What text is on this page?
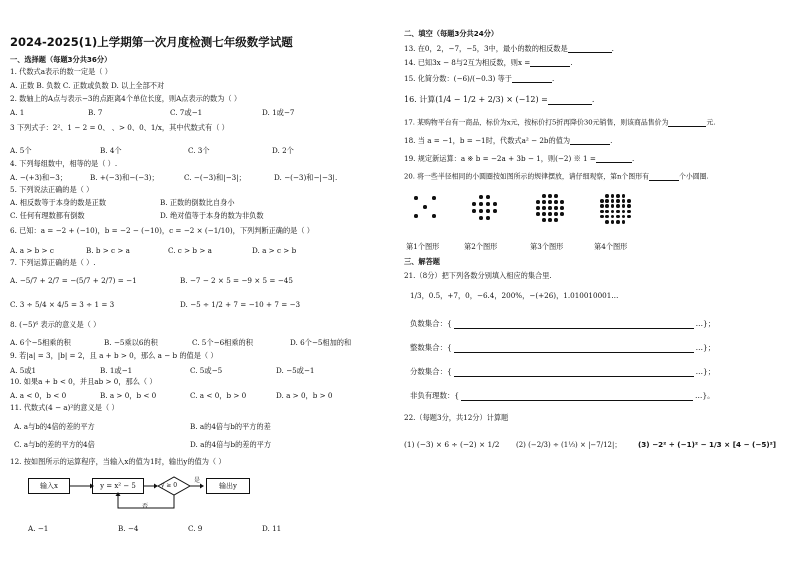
2024-2025(1)上学期第一次月度检测七年级数学试题
一、选择题（每题3分共36分）
1. 代数式a表示的数一定是（ ）
A. 正数 B. 负数 C. 正数或负数 D. 以上全部不对
2. 数轴上的A点与表示−3的点距离4个单位长度，则A点表示的数为（ ）
A. 1	B. 7	C. 7或−1	D. 1或−7
3 下列式子：2²、1 − 2 = 0、 、> 0、0、1/x，其中代数式有（ ）
A. 5个	B. 4个	C. 3个	D. 2个
4. 下列每组数中，相等的是（ ）.
A. −(+3)和−3；	B. +(−3)和−(−3)；	C. −(−3)和|−3|；	D. −(−3)和−|−3|.
5. 下列说法正确的是（ ）
A. 相反数等于本身的数是正数	B. 正数的倒数比自身小
C. 任何有理数都有倒数	D. 绝对值等于本身的数为非负数
6. 已知：a = −2 + (−10)，b = −2 − (−10)，c = −2 × (−1/10)，下列判断正确的是（ ）
A. a > b > c	B. b > c > a	C. c > b > a	D. a > c > b
7. 下列运算正确的是（ ）.
A. −5/7 + 2/7 = −(5/7 + 2/7) = −1	B. −7 − 2 × 5 = −9 × 5 = −45
C. 3 ÷ 5/4 × 4/5 = 3 ÷ 1 = 3	D. −5 ÷ 1/2 + 7 = −10 + 7 = −3
8. (−5)⁶ 表示的意义是（ ）
A. 6个−5相乘的积	B. −5乘以6的积	C. 5个−6相乘的积	D. 6个−5相加的和
9. 若|a| = 3，|b| = 2，且 a + b > 0，那么 a − b 的值是（ ）
A. 5或1	B. 1或−1	C. 5或−5	D. −5或−1
10. 如果a + b < 0，并且ab > 0，那么（ ）
A. a < 0，b < 0	B. a > 0，b < 0	C. a < 0，b > 0	D. a > 0，b > 0
11. 代数式(4 − a)²的意义是（ ）
A. a与b的4倍的差的平方	B. a的4倍与b的平方的差
C. a与b的差的平方的4倍	D. a的4倍与b的差的平方
12. 按如图所示的运算程序，当输入x的值为1时，输出y的值为（ ）
输入x	y = x² − 5	y ≥ 0
是
否
输出y
A. −1	B. −4	C. 9	D. 11
二、填空（每题3分共24分）
13. 在0，2，−7，−5，3中，最小的数的相反数是	.
14. 已知3x − 8与2互为相反数，则x =	.
15. 化简分数：(−6)/(−0.3) 等于	.
16. 计算(1/4 − 1/2 + 2/3) × (−12) =	.
17. 某购物平台有一商品，标价为x元，按标价打5折再降价30元销售，则该商品售价为	元.
18. 当 a = −1，b = −1时，代数式a² − 2b的值为	.
19. 规定新运算：a ※ b = −2a + 3b − 1，则(−2) ※ 1 =	.
20. 将一些半径相同的小圆圈按如图所示的规律摆放，请仔细观察，第n个图形有	个小圆圈.
第1个图形	第2个图形	第3个图形	第4个图形
三、解答题
21.（8分）把下列各数分别填入相应的集合里.
1/3，0.5，+7，0，−6.4，200%，−(+26)，1.010010001…
负数集合：{	…}；
整数集合：{	…}；
分数集合：{	…}；
非负有理数：{	…}。
22.（每题3分，共12分）计算题
(1) (−3) × 6 ÷ (−2) × 1/2 (2) (−2/3) ÷ (1⅓) × |−7/12|； (3) −2² ÷ (−1)² − 1/3 × [4 − (−5)²]
